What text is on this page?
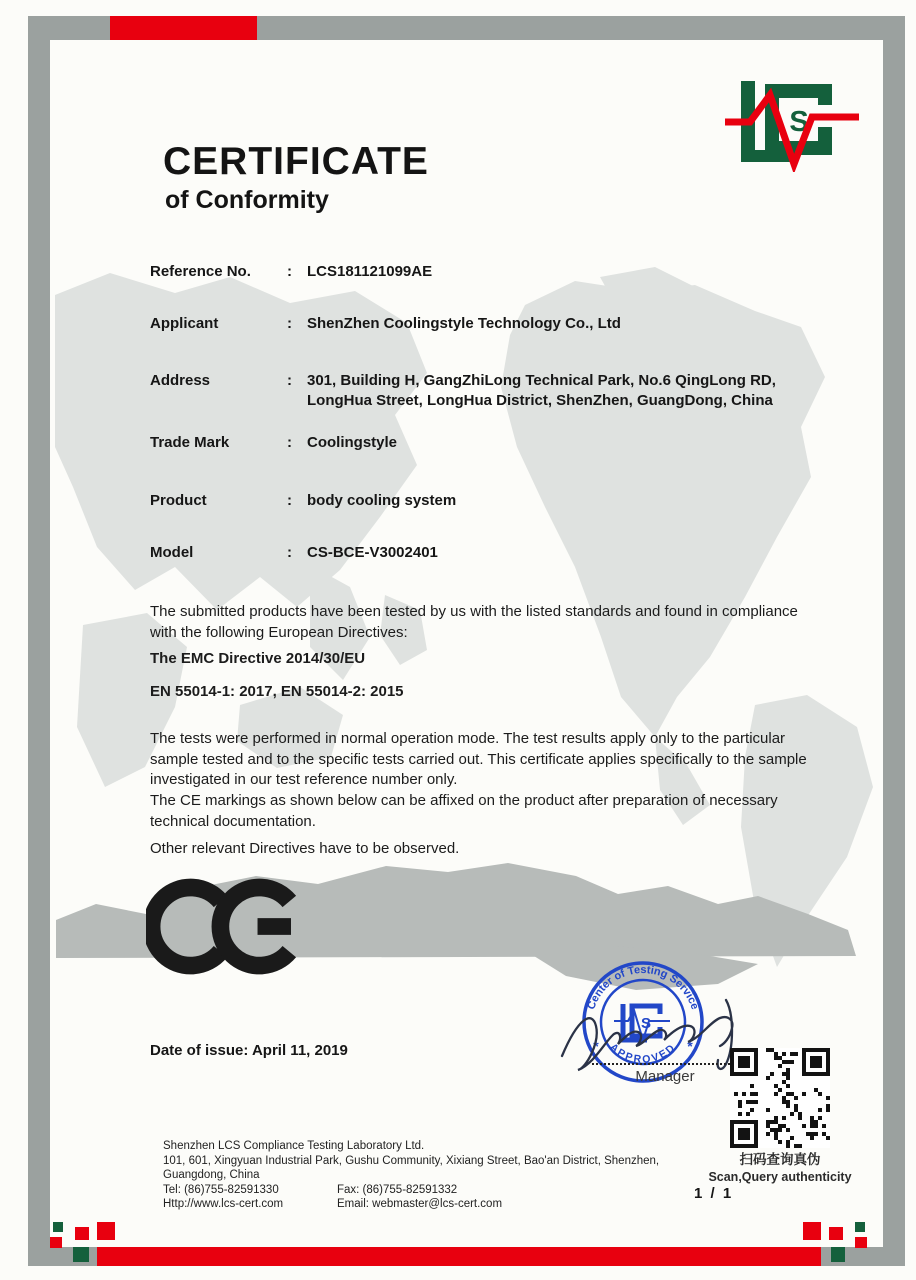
S
CERTIFICATE
of Conformity
Reference No.	:	LCS181121099AE
Applicant	:	ShenZhen Coolingstyle Technology Co., Ltd
Address	:	301, Building H, GangZhiLong Technical Park, No.6 QingLong RD, LongHua Street, LongHua District, ShenZhen, GuangDong, China
Trade Mark	:	Coolingstyle
Product	:	body cooling system
Model	:	CS-BCE-V3002401
The submitted products have been tested by us with the listed standards and found in compliance with the following European Directives:
The EMC Directive 2014/30/EU
EN 55014-1: 2017, EN 55014-2: 2015
The tests were performed in normal operation mode. The test results apply only to the particular sample tested and to the specific tests carried out. This certificate applies specifically to the sample investigated in our test reference number only.
The CE markings as shown below can be affixed on the product after preparation of necessary technical documentation.
Other relevant Directives have to be observed.
Date of issue: April 11, 2019
Center of Testing Service
APPROVED
*	*
S
Manager
扫码查询真伪
Scan,Query authenticity
1 / 1
Shenzhen LCS Compliance Testing Laboratory Ltd.
101, 601, Xingyuan Industrial Park, Gushu Community, Xixiang Street, Bao'an District, Shenzhen,
Guangdong, China
Tel: (86)755-82591330	Fax: (86)755-82591332
Http://www.lcs-cert.com	Email: webmaster@lcs-cert.com
